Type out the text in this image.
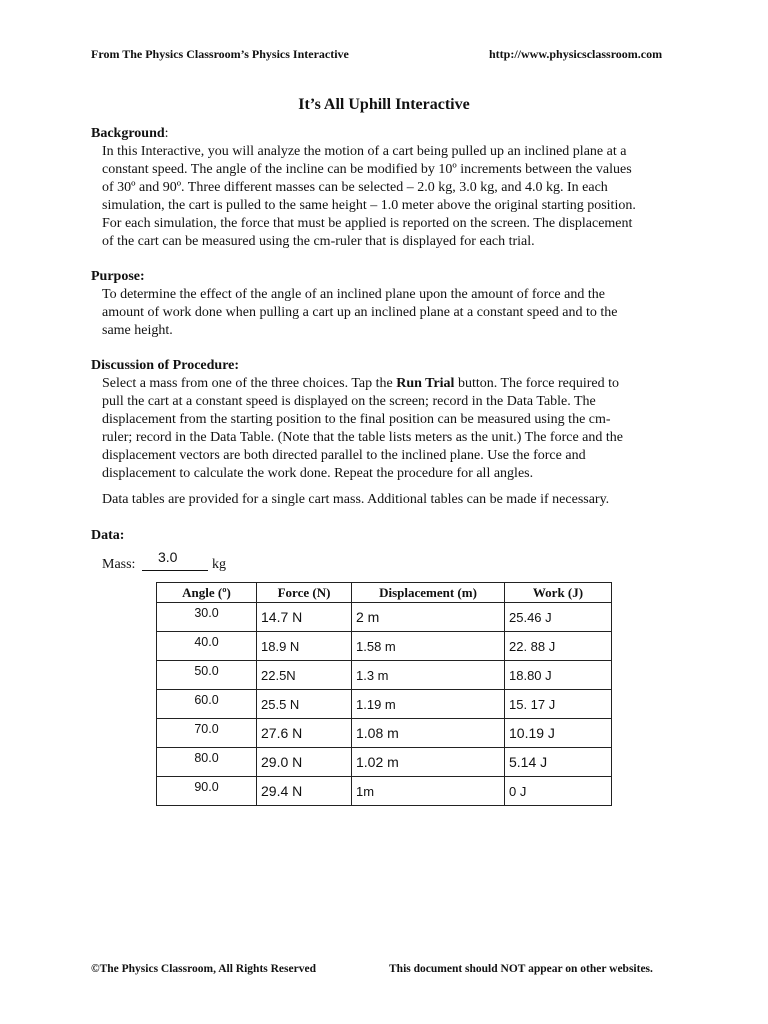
From The Physics Classroom’s Physics Interactive	http://www.physicsclassroom.com
It’s All Uphill Interactive
Background:
In this Interactive, you will analyze the motion of a cart being pulled up an inclined plane at a
constant speed. The angle of the incline can be modified by 10º increments between the values
of 30º and 90º. Three different masses can be selected – 2.0 kg, 3.0 kg, and 4.0 kg. In each
simulation, the cart is pulled to the same height – 1.0 meter above the original starting position.
For each simulation, the force that must be applied is reported on the screen. The displacement
of the cart can be measured using the cm-ruler that is displayed for each trial.
Purpose:
To determine the effect of the angle of an inclined plane upon the amount of force and the
amount of work done when pulling a cart up an inclined plane at a constant speed and to the
same height.
Discussion of Procedure:
Select a mass from one of the three choices. Tap the Run Trial button. The force required to
pull the cart at a constant speed is displayed on the screen; record in the Data Table. The
displacement from the starting position to the final position can be measured using the cm-
ruler; record in the Data Table. (Note that the table lists meters as the unit.) The force and the
displacement vectors are both directed parallel to the inclined plane. Use the force and
displacement to calculate the work done. Repeat the procedure for all angles.
Data tables are provided for a single cart mass. Additional tables can be made if necessary.
Data:
Mass: 3.0 kg
Angle (º)	Force (N)	Displacement (m)	Work (J)
30.0	14.7 N	2 m	25.46 J
40.0	18.9 N	1.58 m	22. 88 J
50.0	22.5N	1.3 m	18.80 J
60.0	25.5 N	1.19 m	15. 17 J
70.0	27.6 N	1.08 m	10.19 J
80.0	29.0 N	1.02 m	5.14 J
90.0	29.4 N	1m	0 J
©The Physics Classroom, All Rights Reserved	This document should NOT appear on other websites.
